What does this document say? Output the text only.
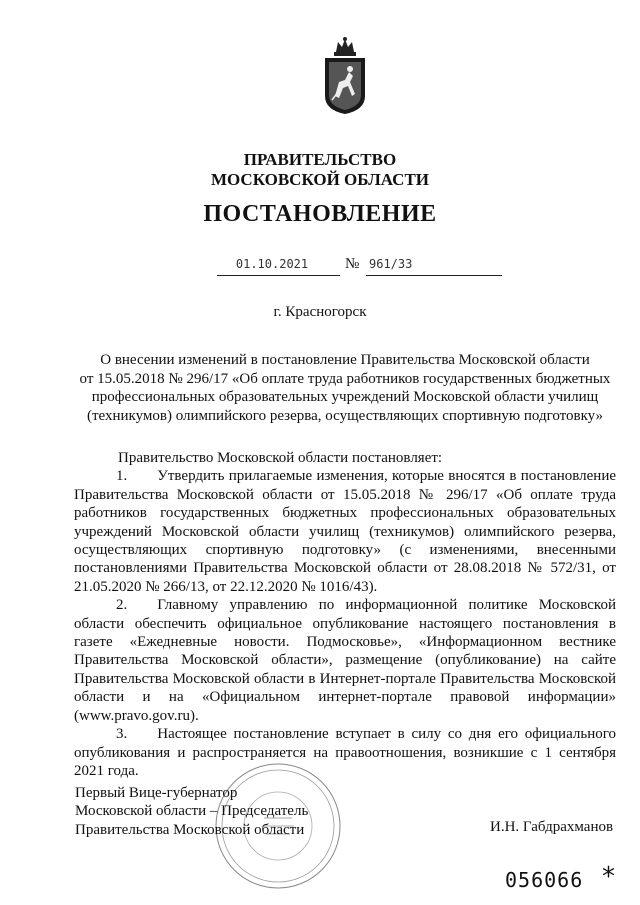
ПРАВИТЕЛЬСТВО
МОСКОВСКОЙ ОБЛАСТИ
ПОСТАНОВЛЕНИЕ
01.10.2021	№ 961/33
г. Красногорск
О внесении изменений в постановление Правительства Московской области
от 15.05.2018 № 296/17 «Об оплате труда работников государственных бюджетных
профессиональных образовательных учреждений Московской области училищ
(техникумов) олимпийского резерва, осуществляющих спортивную подготовку»

Правительство Московской области постановляет:

1.  Утвердить прилагаемые изменения, которые вносятся в постановление Правительства Московской области от 15.05.2018 № 296/17 «Об оплате труда работников государственных бюджетных профессиональных образовательных учреждений Московской области училищ (техникумов) олимпийского резерва, осуществляющих спортивную подготовку» (с изменениями, внесенными постановлениями Правительства Московской области от 28.08.2018 № 572/31, от 21.05.2020 № 266/13, от 22.12.2020 № 1016/43).

2.  Главному управлению по информационной политике Московской области обеспечить официальное опубликование настоящего постановления в газете «Ежедневные новости. Подмосковье», «Информационном вестнике Правительства Московской области», размещение (опубликование) на сайте Правительства Московской области в Интернет-портале Правительства Московской области и на «Официальном интернет-портале правовой информации» (www.pravo.gov.ru).

3.  Настоящее постановление вступает в силу со дня его официального опубликования и распространяется на правоотношения, возникшие с 1 сентября 2021 года.

Первый Вице-губернатор
Московской области – Председатель
Правительства Московской области	И.Н. Габдрахманов
056066 *
